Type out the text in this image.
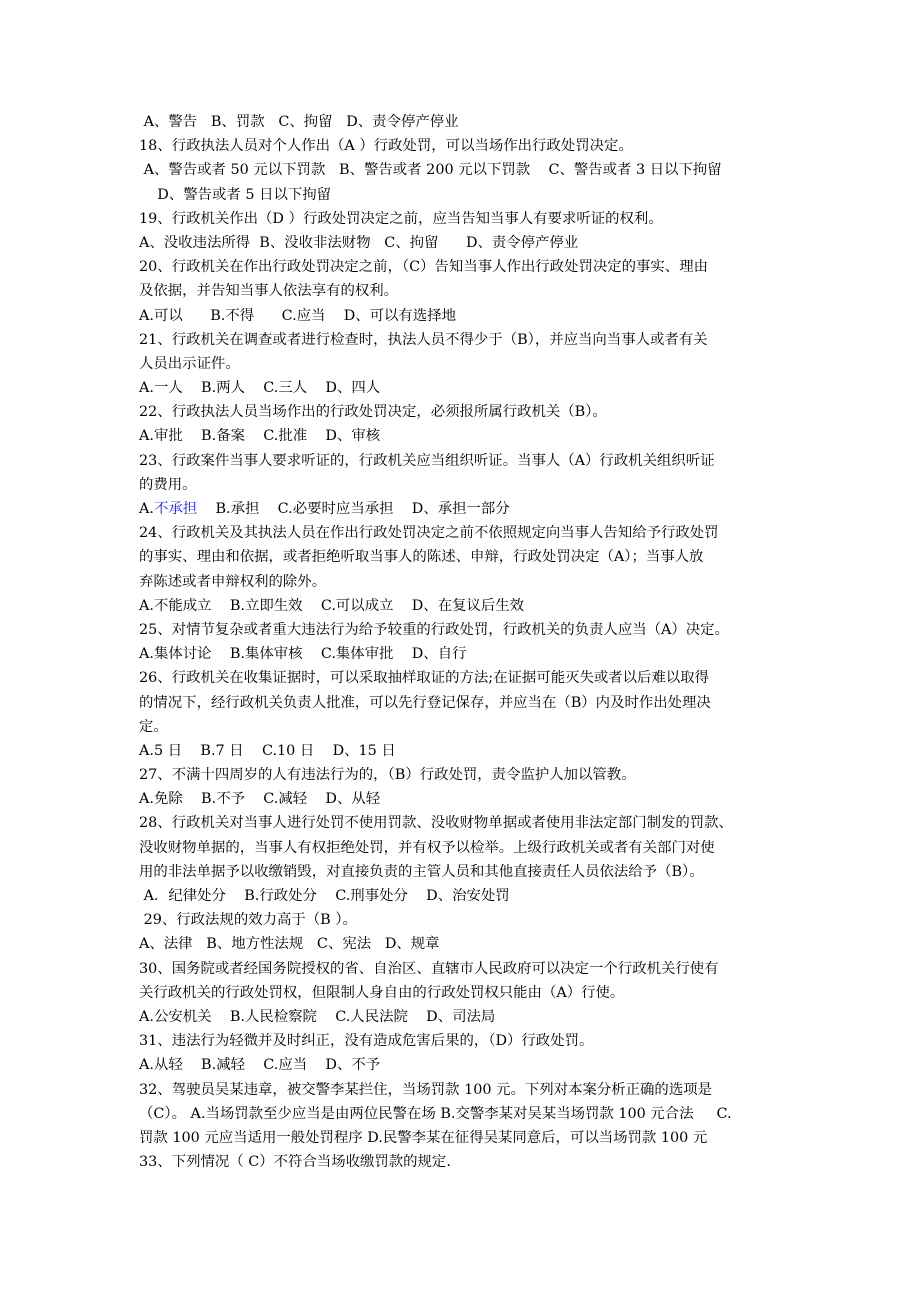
A、警告   B、罚款   C、拘留   D、责令停产停业
18、行政执法人员对个人作出（A ）行政处罚，可以当场作出行政处罚决定。
A、警告或者 50 元以下罚款   B、警告或者 200 元以下罚款    C、警告或者 3 日以下拘留
D、警告或者 5 日以下拘留
19、行政机关作出（D ）行政处罚决定之前，应当告知当事人有要求听证的权利。
A、没收违法所得  B、没收非法财物   C、拘留      D、责令停产停业
20、行政机关在作出行政处罚决定之前，（C）告知当事人作出行政处罚决定的事实、理由
及依据，并告知当事人依法享有的权利。
A.可以      B.不得      C.应当    D、可以有选择地
21、行政机关在调查或者进行检查时，执法人员不得少于（B），并应当向当事人或者有关
人员出示证件。
A.一人    B.两人    C.三人    D、四人
22、行政执法人员当场作出的行政处罚决定，必须报所属行政机关（B）。
A.审批    B.备案    C.批准    D、审核
23、行政案件当事人要求听证的，行政机关应当组织听证。当事人（A）行政机关组织听证
的费用。
A.不承担    B.承担    C.必要时应当承担    D、承担一部分
24、行政机关及其执法人员在作出行政处罚决定之前不依照规定向当事人告知给予行政处罚
的事实、理由和依据，或者拒绝听取当事人的陈述、申辩，行政处罚决定（A）；当事人放
弃陈述或者申辩权利的除外。
A.不能成立    B.立即生效    C.可以成立    D、在复议后生效
25、对情节复杂或者重大违法行为给予较重的行政处罚，行政机关的负责人应当（A）决定。
A.集体讨论    B.集体审核    C.集体审批    D、自行
26、行政机关在收集证据时，可以采取抽样取证的方法;在证据可能灭失或者以后难以取得
的情况下，经行政机关负责人批准，可以先行登记保存，并应当在（B）内及时作出处理决
定。
A.5 日    B.7 日    C.10 日    D、15 日
27、不满十四周岁的人有违法行为的，（B）行政处罚，责令监护人加以管教。
A.免除    B.不予    C.减轻    D、从轻
28、行政机关对当事人进行处罚不使用罚款、没收财物单据或者使用非法定部门制发的罚款、
没收财物单据的，当事人有权拒绝处罚，并有权予以检举。上级行政机关或者有关部门对使
用的非法单据予以收缴销毁，对直接负责的主管人员和其他直接责任人员依法给予（B）。
A．纪律处分    B.行政处分    C.刑事处分    D、治安处罚
29、行政法规的效力高于（B ）。
A、法律   B、地方性法规   C、宪法   D、规章
30、国务院或者经国务院授权的省、自治区、直辖市人民政府可以决定一个行政机关行使有
关行政机关的行政处罚权，但限制人身自由的行政处罚权只能由（A）行使。
A.公安机关    B.人民检察院    C.人民法院    D、司法局
31、违法行为轻微并及时纠正，没有造成危害后果的，（D）行政处罚。
A.从轻    B.减轻    C.应当    D、不予
32、驾驶员吴某违章，被交警李某拦住，当场罚款 100 元。下列对本案分析正确的选项是
（C）。 A.当场罚款至少应当是由两位民警在场 B.交警李某对吴某当场罚款 100 元合法     C.
罚款 100 元应当适用一般处罚程序 D.民警李某在征得吴某同意后，可以当场罚款 100 元
33、下列情况（ C）不符合当场收缴罚款的规定.
